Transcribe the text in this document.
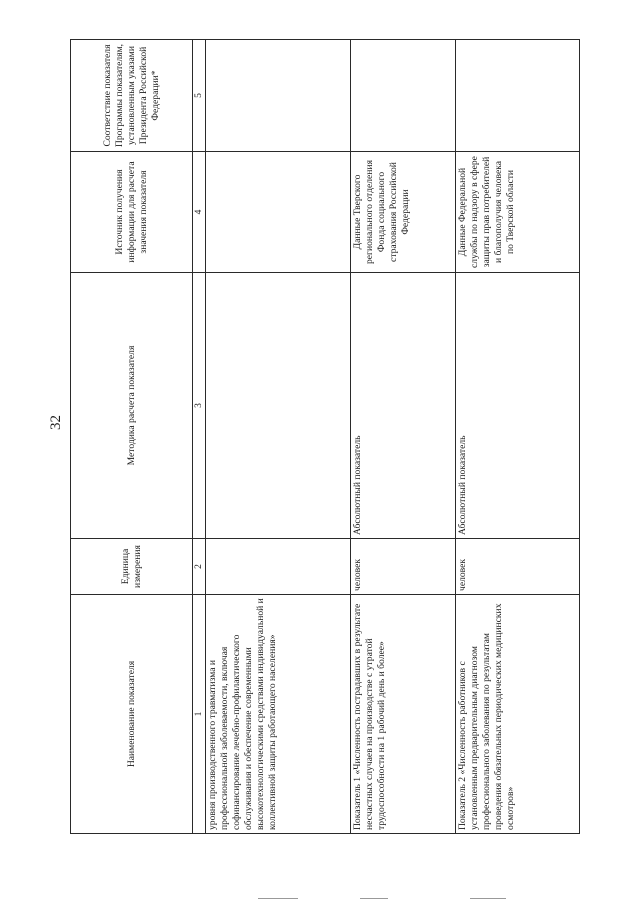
32
Наименование показателя	Единица измерения	Методика расчета показателя	Источник получения информации для расчета значения показателя	Соответствие показателя Программы показателям, установленным указами Президента Российской Федерации*
1	2	3	4	5
уровня производственного травматизма и профессиональной заболеваемости, включая софинансирование лечебно-профилактического обслуживания и обеспечение современными высокотехнологическими средствами индивидуальной и коллективной защиты работающего населения»				
Показатель 1 «Численность пострадавших в результате несчастных случаев на производстве с утратой трудоспособности на 1 рабочий день и более»	человек	Абсолютный показатель	Данные Тверского регионального отделения Фонда социального страхования Российской Федерации	
Показатель 2 «Численность работников с установленным предварительным диагнозом профессионального заболевания по результатам проведения обязательных периодических медицинских осмотров»	человек	Абсолютный показатель	Данные Федеральной службы по надзору в сфере защиты прав потребителей и благополучия человека по Тверской области	
